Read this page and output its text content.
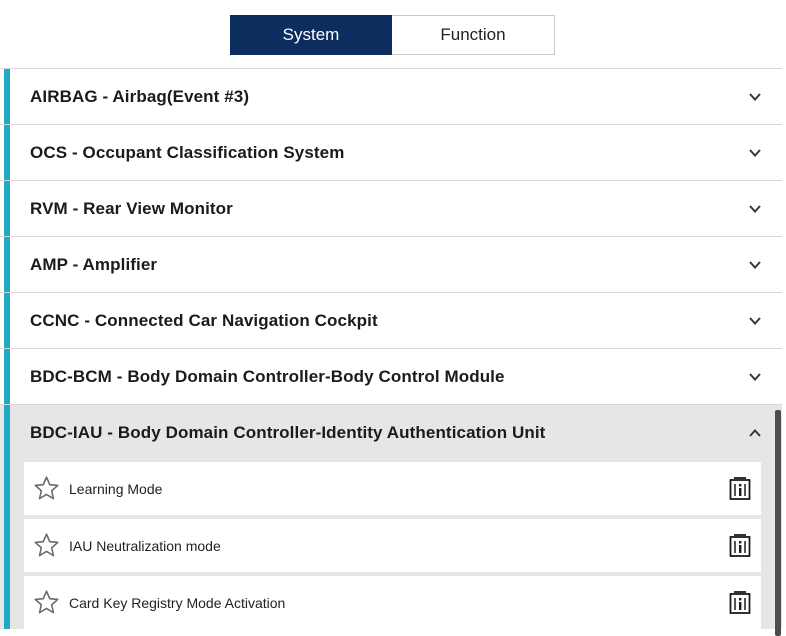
System	Function
AIRBAG - Airbag(Event #3)
OCS - Occupant Classification System
RVM - Rear View Monitor
AMP - Amplifier
CCNC - Connected Car Navigation Cockpit
BDC-BCM - Body Domain Controller-Body Control Module
BDC-IAU - Body Domain Controller-Identity Authentication Unit
Learning Mode
IAU Neutralization mode
Card Key Registry Mode Activation
